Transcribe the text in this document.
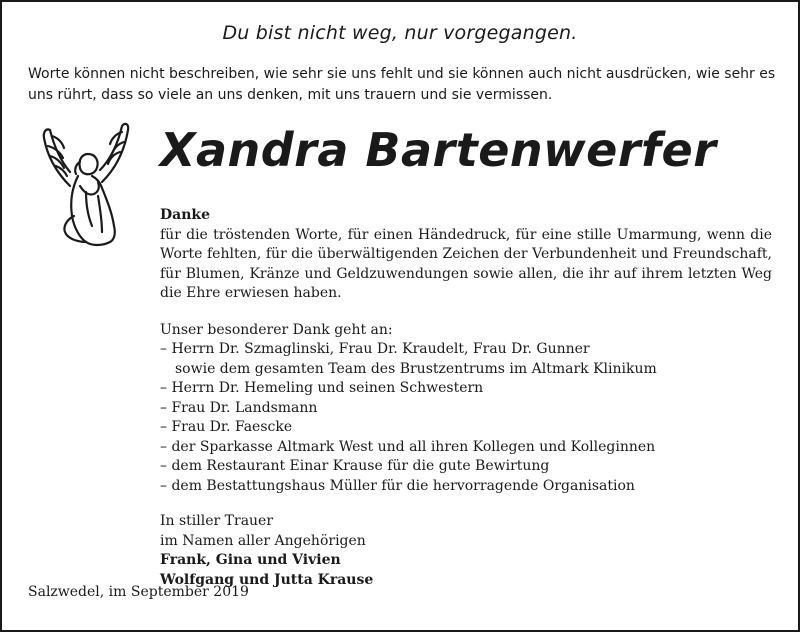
Du bist nicht weg, nur vorgegangen.
Worte können nicht beschreiben, wie sehr sie uns fehlt und sie können auch nicht ausdrücken, wie sehr es uns rührt, dass so viele an uns denken, mit uns trauern und sie vermissen.
Xandra Bartenwerfer
Danke

für die tröstenden Worte, für einen Händedruck, für eine stille Umarmung, wenn die Worte fehlten, für die überwältigenden Zeichen der Verbundenheit und Freundschaft, für Blumen, Kränze und Geldzuwendungen sowie allen, die ihr auf ihrem letzten Weg die Ehre erwiesen haben.

Unser besonderer Dank geht an:
– Herrn Dr. Szmaglinski, Frau Dr. Kraudelt, Frau Dr. Gunner
sowie dem gesamten Team des Brustzentrums im Altmark Klinikum
– Herrn Dr. Hemeling und seinen Schwestern
– Frau Dr. Landsmann
– Frau Dr. Faescke
– der Sparkasse Altmark West und all ihren Kollegen und Kolleginnen
– dem Restaurant Einar Krause für die gute Bewirtung
– dem Bestattungshaus Müller für die hervorragende Organisation
In stiller Trauer
im Namen aller Angehörigen
Frank, Gina und Vivien
Wolfgang und Jutta Krause
Salzwedel, im September 2019
